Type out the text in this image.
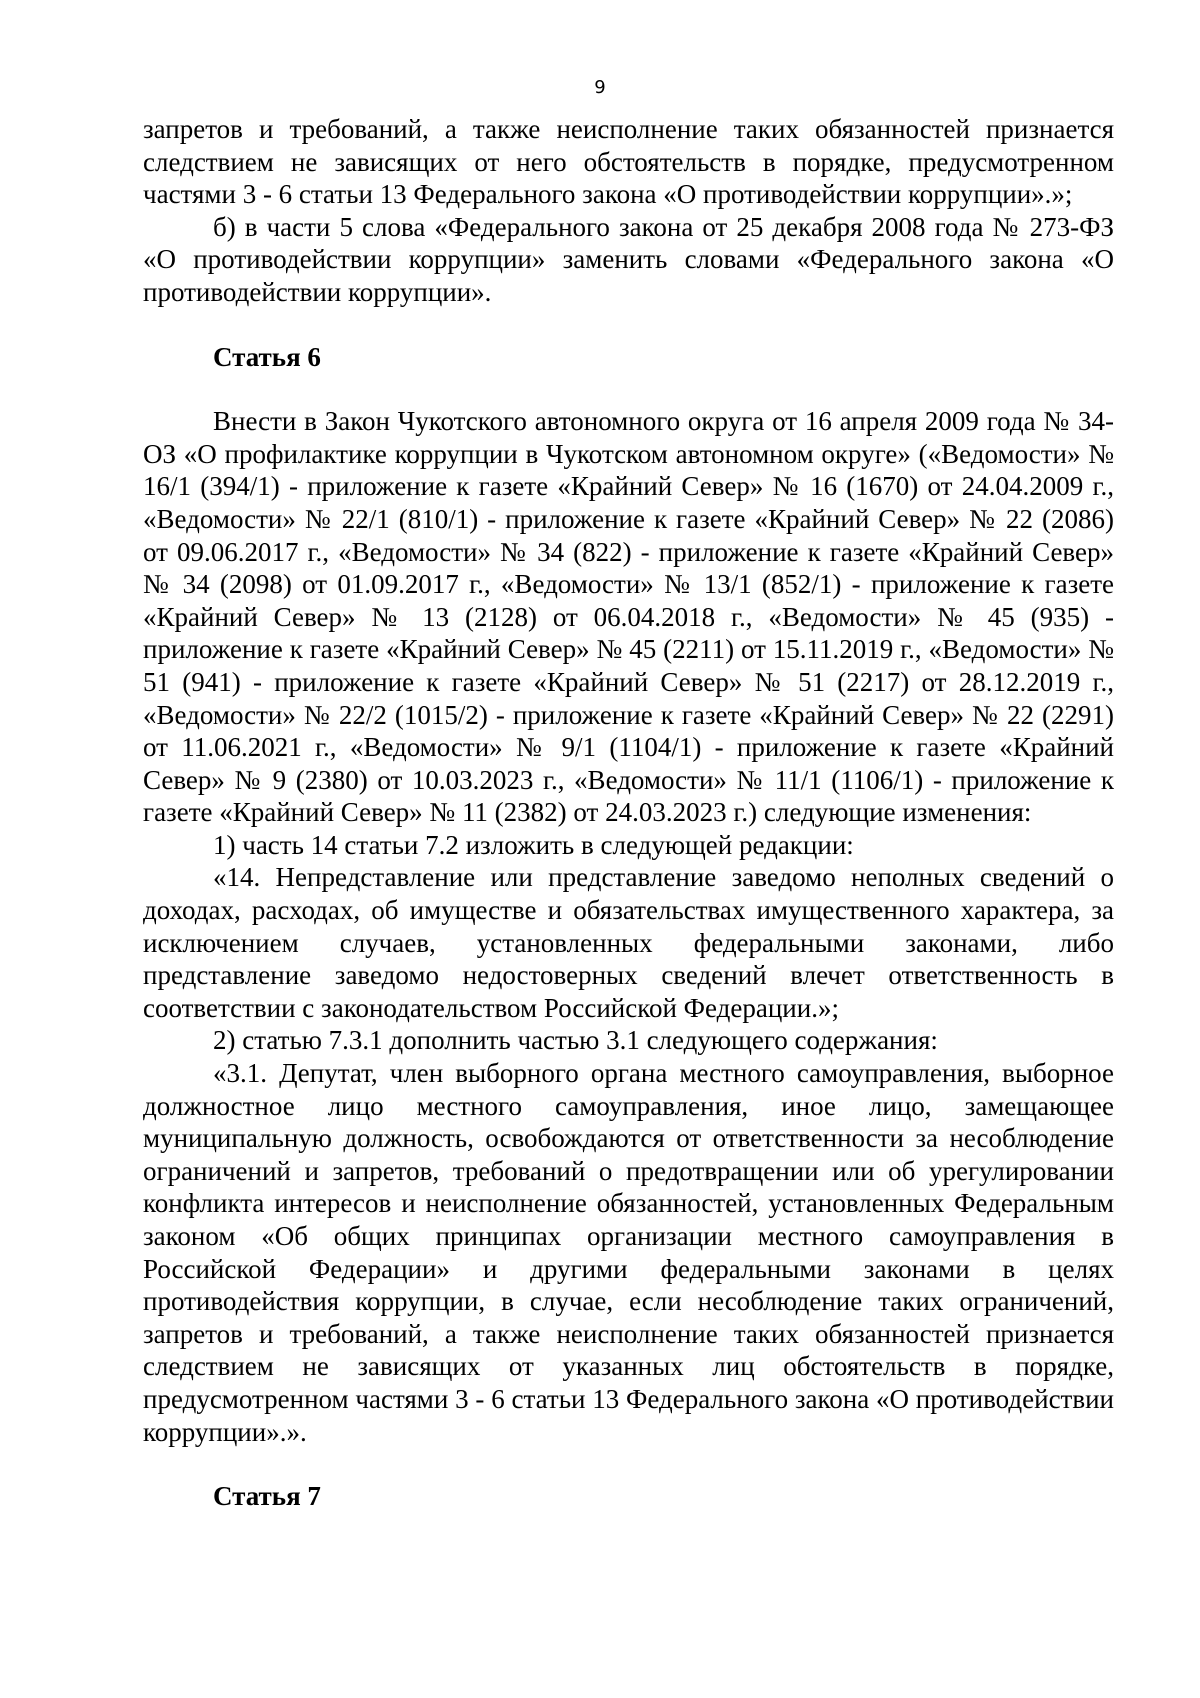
9

запретов и требований, а также неисполнение таких обязанностей признается следствием не зависящих от него обстоятельств в порядке, предусмотренном частями 3 - 6 статьи 13 Федерального закона «О противодействии коррупции».»;

б) в части 5 слова «Федерального закона от 25 декабря 2008 года № 273-ФЗ «О противодействии коррупции» заменить словами «Федерального закона «О противодействии коррупции».

Статья 6

Внести в Закон Чукотского автономного округа от 16 апреля 2009 года № 34-ОЗ «О профилактике коррупции в Чукотском автономном округе» («Ведомости» № 16/1 (394/1) - приложение к газете «Крайний Север» № 16 (1670) от 24.04.2009 г., «Ведомости» № 22/1 (810/1) - приложение к газете «Крайний Север» № 22 (2086) от 09.06.2017 г., «Ведомости» № 34 (822) - приложение к газете «Крайний Север» № 34 (2098) от 01.09.2017 г., «Ведомости» № 13/1 (852/1) - приложение к газете «Крайний Север» № 13 (2128) от 06.04.2018 г., «Ведомости» № 45 (935) - приложение к газете «Крайний Север» № 45 (2211) от 15.11.2019 г., «Ведомости» № 51 (941) - приложение к газете «Крайний Север» № 51 (2217) от 28.12.2019 г., «Ведомости» № 22/2 (1015/2) - приложение к газете «Крайний Север» № 22 (2291) от 11.06.2021 г., «Ведомости» № 9/1 (1104/1) - приложение к газете «Крайний Север» № 9 (2380) от 10.03.2023 г., «Ведомости» № 11/1 (1106/1) - приложение к газете «Крайний Север» № 11 (2382) от 24.03.2023 г.) следующие изменения:

1) часть 14 статьи 7.2 изложить в следующей редакции:

«14. Непредставление или представление заведомо неполных сведений о доходах, расходах, об имуществе и обязательствах имущественного характера, за исключением случаев, установленных федеральными законами, либо представление заведомо недостоверных сведений влечет ответственность в соответствии с законодательством Российской Федерации.»;

2) статью 7.3.1 дополнить частью 3.1 следующего содержания:

«3.1. Депутат, член выборного органа местного самоуправления, выборное должностное лицо местного самоуправления, иное лицо, замещающее муниципальную должность, освобождаются от ответственности за несоблюдение ограничений и запретов, требований о предотвращении или об урегулировании конфликта интересов и неисполнение обязанностей, установленных Федеральным законом «Об общих принципах организации местного самоуправления в Российской Федерации» и другими федеральными законами в целях противодействия коррупции, в случае, если несоблюдение таких ограничений, запретов и требований, а также неисполнение таких обязанностей признается следствием не зависящих от указанных лиц обстоятельств в порядке, предусмотренном частями 3 - 6 статьи 13 Федерального закона «О противодействии коррупции».».

Статья 7
